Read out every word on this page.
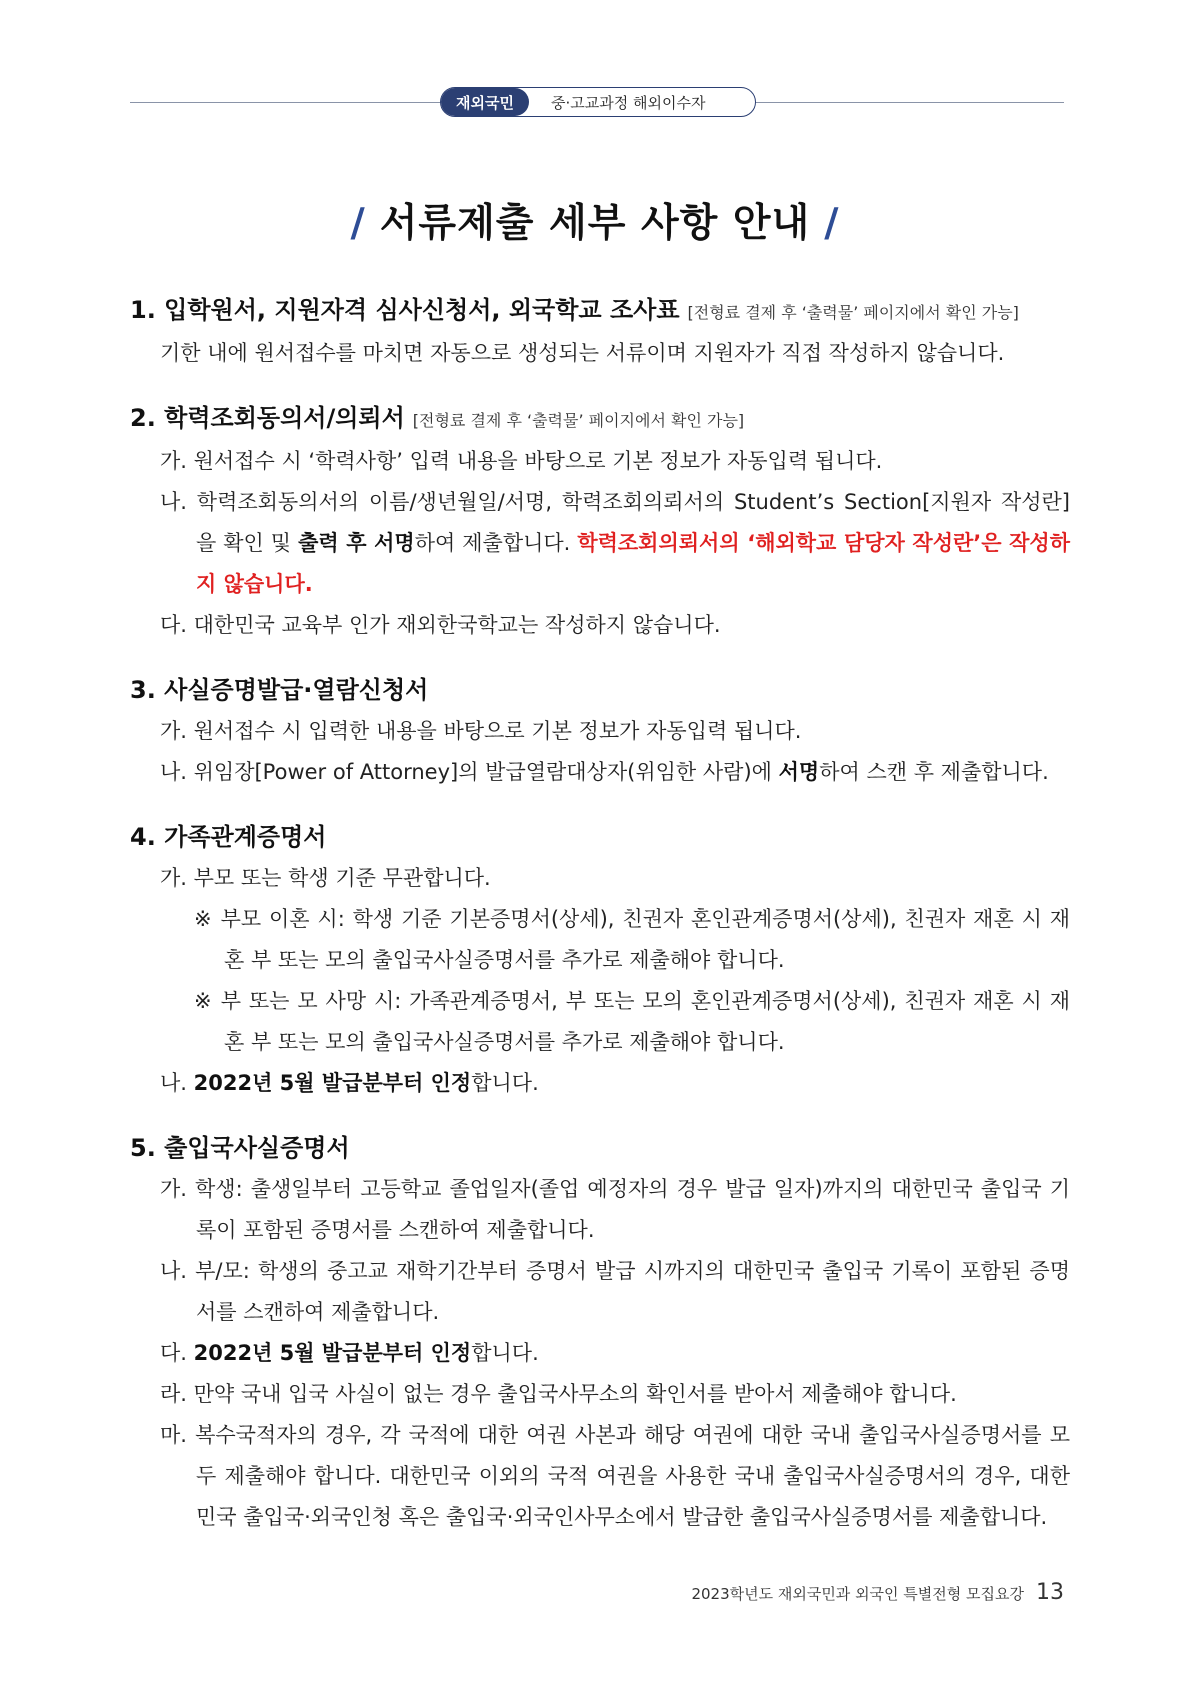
재외국민	중·고교과정 해외이수자
/ 서류제출 세부 사항 안내 /
1. 입학원서, 지원자격 심사신청서, 외국학교 조사표 [전형료 결제 후 ‘출력물’ 페이지에서 확인 가능]
기한 내에 원서접수를 마치면 자동으로 생성되는 서류이며 지원자가 직접 작성하지 않습니다.
2. 학력조회동의서/의뢰서 [전형료 결제 후 ‘출력물’ 페이지에서 확인 가능]
가. 원서접수 시 ‘학력사항’ 입력 내용을 바탕으로 기본 정보가 자동입력 됩니다.
나. 학력조회동의서의 이름/생년월일/서명, 학력조회의뢰서의 Student’s Section[지원자 작성란]을 확인 및 출력 후 서명하여 제출합니다. 학력조회의뢰서의 ‘해외학교 담당자 작성란’은 작성하지 않습니다.
다. 대한민국 교육부 인가 재외한국학교는 작성하지 않습니다.
3. 사실증명발급·열람신청서
가. 원서접수 시 입력한 내용을 바탕으로 기본 정보가 자동입력 됩니다.
나. 위임장[Power of Attorney]의 발급열람대상자(위임한 사람)에 서명하여 스캔 후 제출합니다.
4. 가족관계증명서
가. 부모 또는 학생 기준 무관합니다.
※ 부모 이혼 시: 학생 기준 기본증명서(상세), 친권자 혼인관계증명서(상세), 친권자 재혼 시 재혼 부 또는 모의 출입국사실증명서를 추가로 제출해야 합니다.
※ 부 또는 모 사망 시: 가족관계증명서, 부 또는 모의 혼인관계증명서(상세), 친권자 재혼 시 재혼 부 또는 모의 출입국사실증명서를 추가로 제출해야 합니다.
나. 2022년 5월 발급분부터 인정합니다.
5. 출입국사실증명서
가. 학생: 출생일부터 고등학교 졸업일자(졸업 예정자의 경우 발급 일자)까지의 대한민국 출입국 기록이 포함된 증명서를 스캔하여 제출합니다.
나. 부/모: 학생의 중고교 재학기간부터 증명서 발급 시까지의 대한민국 출입국 기록이 포함된 증명서를 스캔하여 제출합니다.
다. 2022년 5월 발급분부터 인정합니다.
라. 만약 국내 입국 사실이 없는 경우 출입국사무소의 확인서를 받아서 제출해야 합니다.
마. 복수국적자의 경우, 각 국적에 대한 여권 사본과 해당 여권에 대한 국내 출입국사실증명서를 모두 제출해야 합니다. 대한민국 이외의 국적 여권을 사용한 국내 출입국사실증명서의 경우, 대한민국 출입국·외국인청 혹은 출입국·외국인사무소에서 발급한 출입국사실증명서를 제출합니다.
2023학년도 재외국민과 외국인 특별전형 모집요강 13
